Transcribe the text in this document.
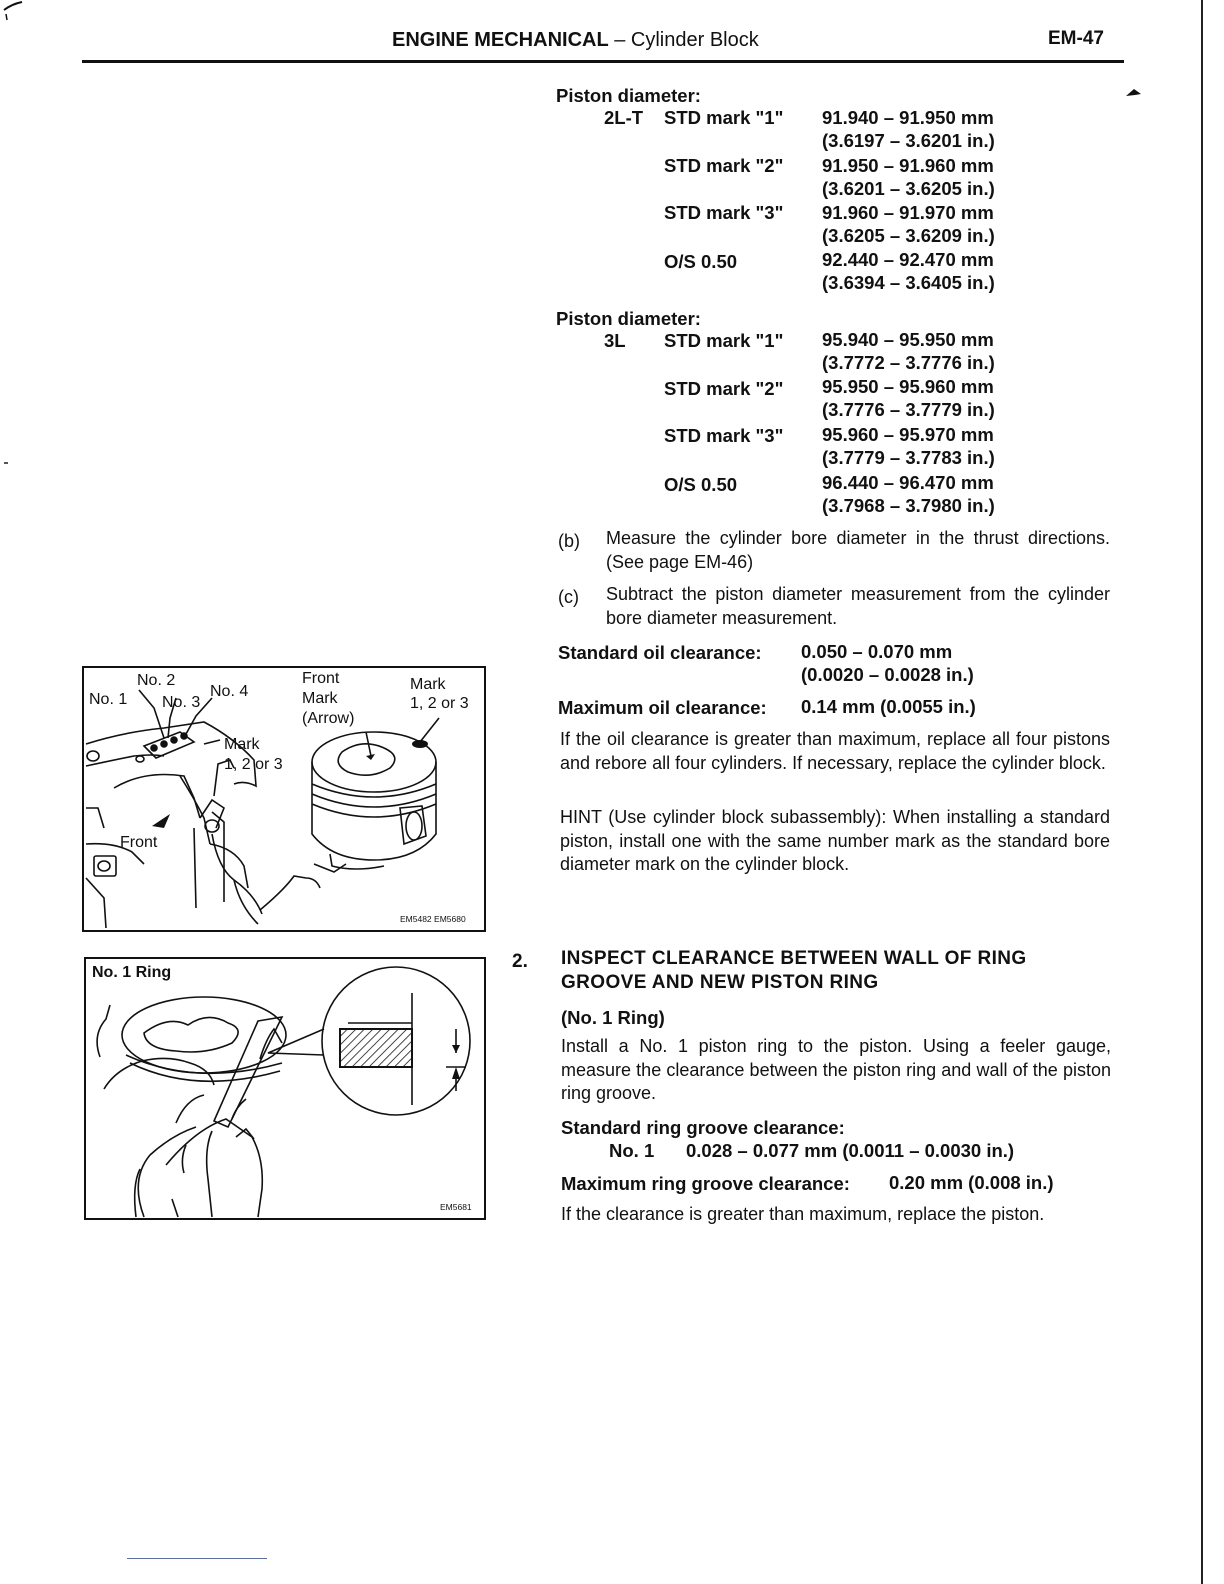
ENGINE MECHANICAL – Cylinder Block	EM-47
Piston diameter:
2L-T STD mark "1" 91.940 – 91.950 mm
(3.6197 – 3.6201 in.)
STD mark "2" 91.950 – 91.960 mm
(3.6201 – 3.6205 in.)
STD mark "3" 91.960 – 91.970 mm
(3.6205 – 3.6209 in.)
O/S 0.50	92.440 – 92.470 mm
(3.6394 – 3.6405 in.)
Piston diameter:
3L STD mark "1" 95.940 – 95.950 mm
(3.7772 – 3.7776 in.)
STD mark "2" 95.950 – 95.960 mm
(3.7776 – 3.7779 in.)
STD mark "3" 95.960 – 95.970 mm
(3.7779 – 3.7783 in.)
O/S 0.50	96.440 – 96.470 mm
(3.7968 – 3.7980 in.)
(b) Measure the cylinder bore diameter in the thrust directions. (See page EM-46)
(c) Subtract the piston diameter measurement from the cylinder bore diameter measurement.
Standard oil clearance: 0.050 – 0.070 mm
(0.0020 – 0.0028 in.)
Maximum oil clearance: 0.14 mm (0.0055 in.)
If the oil clearance is greater than maximum, replace all four pistons and rebore all four cylinders. If necessary, replace the cylinder block.
HINT (Use cylinder block subassembly): When installing a standard piston, install one with the same number mark as the standard bore diameter mark on the cylinder block.
2. INSPECT CLEARANCE BETWEEN WALL OF RING
GROOVE AND NEW PISTON RING
(No. 1 Ring)
Install a No. 1 piston ring to the piston. Using a feeler gauge, measure the clearance between the piston ring and wall of the piston ring groove.
Standard ring groove clearance:
No. 1 0.028 – 0.077 mm (0.0011 – 0.0030 in.)
Maximum ring groove clearance: 0.20 mm (0.008 in.)
If the clearance is greater than maximum, replace the piston.
No. 2
No. 4
No. 1 No. 3
Front
Mark
(Arrow)
Mark
1, 2 or 3
Mark
1, 2 or 3
Front
EM5482 EM5680
No. 1 Ring
EM5681
